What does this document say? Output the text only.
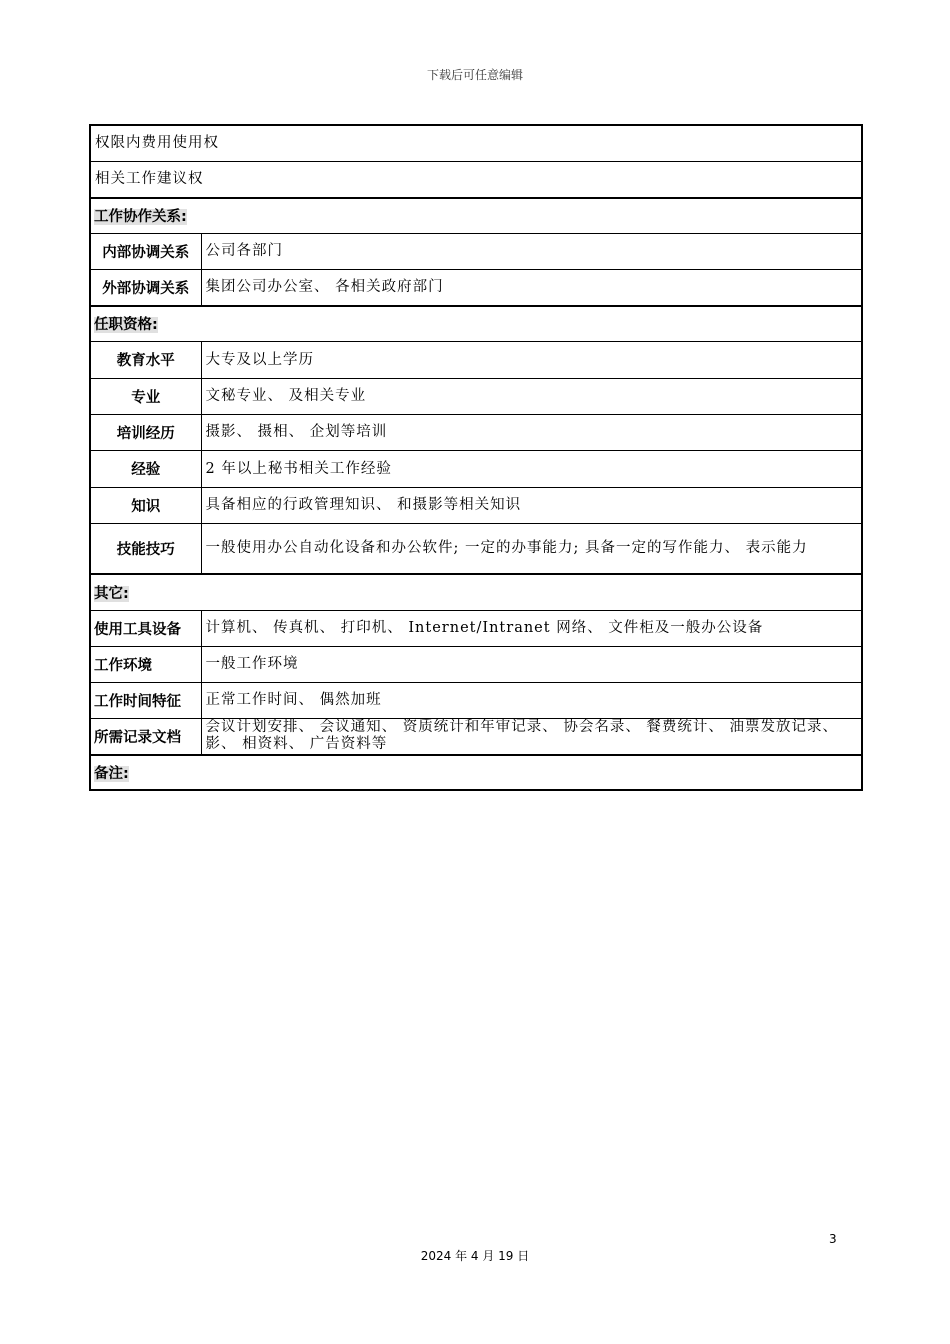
下载后可任意编辑
权限内费用使用权	
相关工作建议权	
工作协作关系:	
内部协调关系	公司各部门
外部协调关系	集团公司办公室、 各相关政府部门
任职资格:	
教育水平	大专及以上学历
专业	文秘专业、 及相关专业
培训经历	摄影、 摄相、 企划等培训
经验	2 年以上秘书相关工作经验
知识	具备相应的行政管理知识、 和摄影等相关知识
技能技巧	一般使用办公自动化设备和办公软件; 一定的办事能力; 具备一定的写作能力、 表示能力
其它:	
使用工具设备	计算机、 传真机、 打印机、 Internet/Intranet 网络、 文件柜及一般办公设备
工作环境	一般工作环境
工作时间特征	正常工作时间、 偶然加班
所需记录文档	会议计划安排、 会议通知、 资质统计和年审记录、 协会名录、 餐费统计、 油票发放记录、 影、 相资料、 广告资料等
备注:	
3
2024 年 4 月 19 日
